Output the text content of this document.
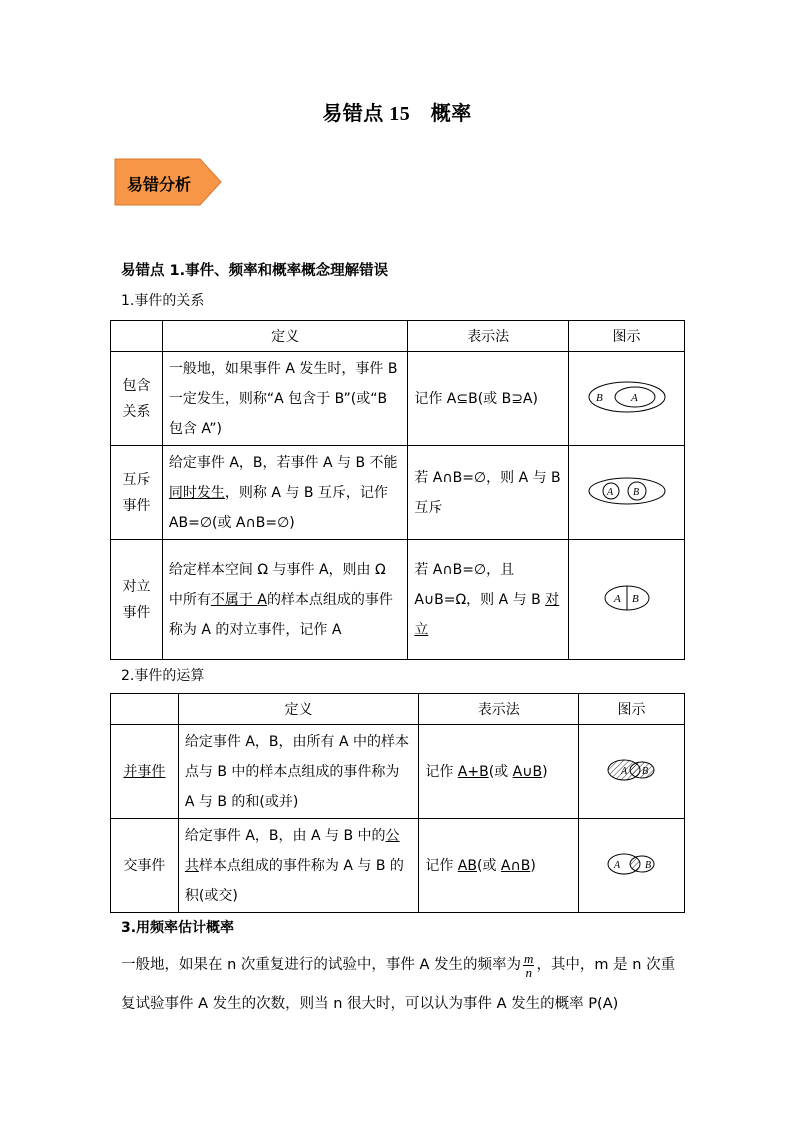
易错点 15　概率
易错分析
易错点 1.事件、频率和概率概念理解错误
1.事件的关系
	定义	表示法	图示
包含
关系	一般地，如果事件 A 发生时，事件 B 一定发生，则称“A 包含于 B”(或“B 包含 A”)	记作 A⊆B(或 B⊇A)	B A

互斥
事件	给定事件 A，B，若事件 A 与 B 不能同时发生，则称 A 与 B 互斥，记作 AB=∅(或 A∩B=∅)	若 A∩B=∅，则 A 与 B 互斥	A B

对立
事件	给定样本空间 Ω 与事件 A，则由 Ω 中所有不属于 A的样本点组成的事件称为 A 的对立事件，记作 A	若 A∩B=∅，且 A∪B=Ω，则 A 与 B 对立	A B
2.事件的运算
	定义	表示法	图示
并事件	给定事件 A，B，由所有 A 中的样本点与 B 中的样本点组成的事件称为 A 与 B 的和(或并)	记作 A+B(或 A∪B)	A B

交事件	给定事件 A，B，由 A 与 B 中的公共样本点组成的事件称为 A 与 B 的积(或交)	记作 AB(或 A∩B)	A B
3.用频率估计概率
一般地，如果在 n 次重复进行的试验中，事件 A 发生的频率为 $\frac{m}{n}$ ，其中，m 是 n 次重复试验事件 A 发生的次数，则当 n 很大时，可以认为事件 A 发生的概率 P(A)
